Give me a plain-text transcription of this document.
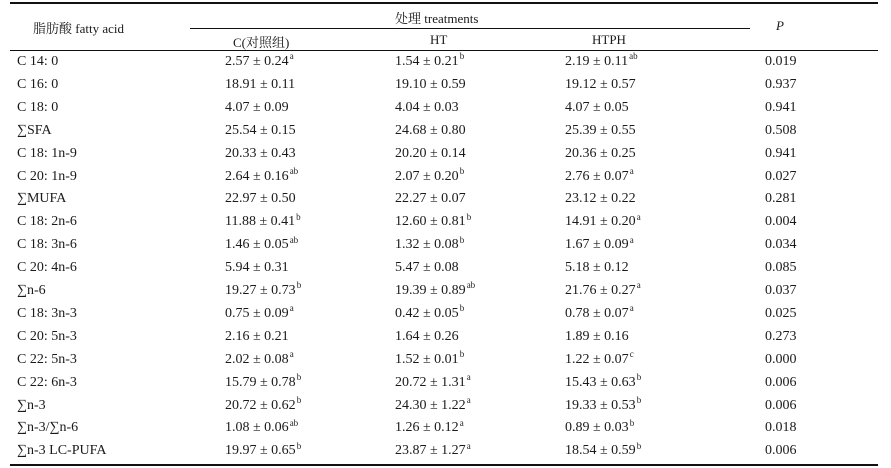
脂肪酸 fatty acid
处理 treatments
C(对照组)	HT	HTPH
P
C 14: 0	2.57 ± 0.24$^a$	1.54 ± 0.21$^b$	2.19 ± 0.11$^{ab}$	0.019
C 16: 0	18.91 ± 0.11	19.10 ± 0.59	19.12 ± 0.57	0.937
C 18: 0	4.07 ± 0.09	4.04 ± 0.03	4.07 ± 0.05	0.941
∑SFA	25.54 ± 0.15	24.68 ± 0.80	25.39 ± 0.55	0.508
C 18: 1n-9	20.33 ± 0.43	20.20 ± 0.14	20.36 ± 0.25	0.941
C 20: 1n-9	2.64 ± 0.16$^{ab}$	2.07 ± 0.20$^b$	2.76 ± 0.07$^a$	0.027
∑MUFA	22.97 ± 0.50	22.27 ± 0.07	23.12 ± 0.22	0.281
C 18: 2n-6	11.88 ± 0.41$^b$	12.60 ± 0.81$^b$	14.91 ± 0.20$^a$	0.004
C 18: 3n-6	1.46 ± 0.05$^{ab}$	1.32 ± 0.08$^b$	1.67 ± 0.09$^a$	0.034
C 20: 4n-6	5.94 ± 0.31	5.47 ± 0.08	5.18 ± 0.12	0.085
∑n-6	19.27 ± 0.73$^b$	19.39 ± 0.89$^{ab}$	21.76 ± 0.27$^a$	0.037
C 18: 3n-3	0.75 ± 0.09$^a$	0.42 ± 0.05$^b$	0.78 ± 0.07$^a$	0.025
C 20: 5n-3	2.16 ± 0.21	1.64 ± 0.26	1.89 ± 0.16	0.273
C 22: 5n-3	2.02 ± 0.08$^a$	1.52 ± 0.01$^b$	1.22 ± 0.07$^c$	0.000
C 22: 6n-3	15.79 ± 0.78$^b$	20.72 ± 1.31$^a$	15.43 ± 0.63$^b$	0.006
∑n-3	20.72 ± 0.62$^b$	24.30 ± 1.22$^a$	19.33 ± 0.53$^b$	0.006
∑n-3/∑n-6	1.08 ± 0.06$^{ab}$	1.26 ± 0.12$^a$	0.89 ± 0.03$^b$	0.018
∑n-3 LC-PUFA	19.97 ± 0.65$^b$	23.87 ± 1.27$^a$	18.54 ± 0.59$^b$	0.006
